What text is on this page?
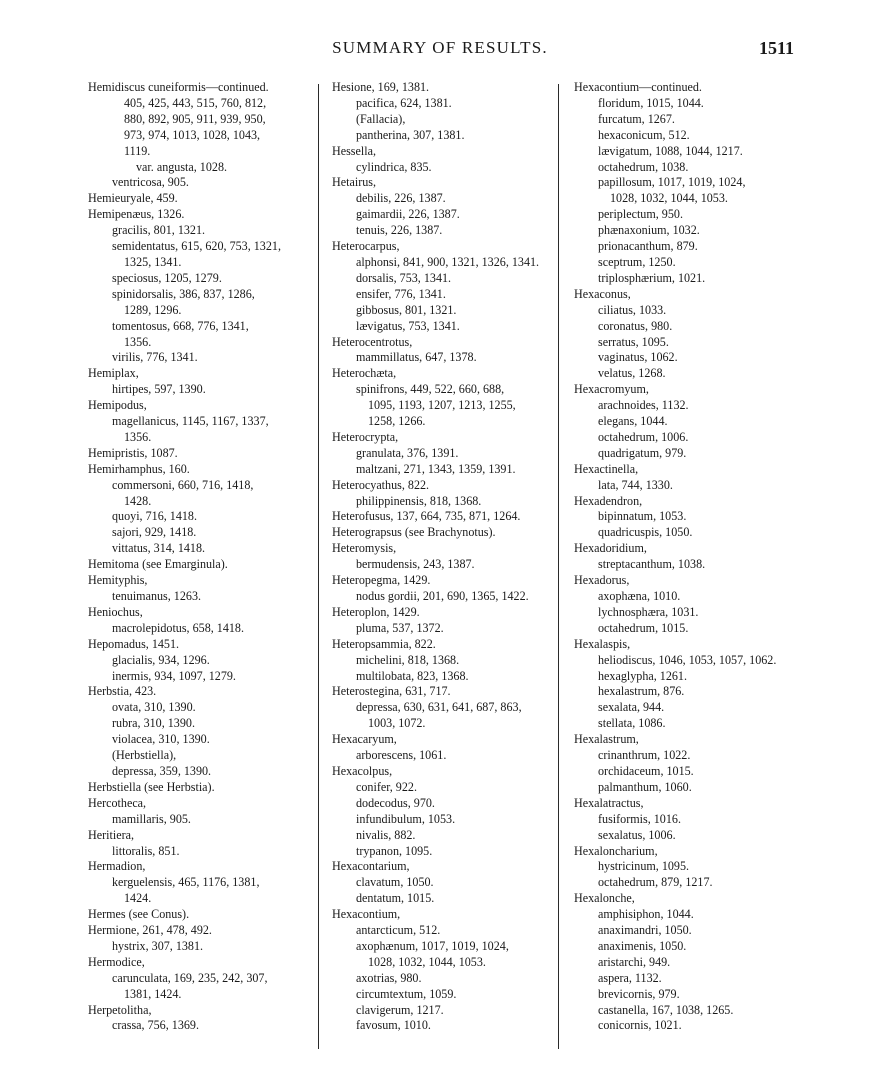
SUMMARY OF RESULTS.	1511
Hemidiscus cuneiformis—continued.
405, 425, 443, 515, 760, 812,
880, 892, 905, 911, 939, 950,
973, 974, 1013, 1028, 1043,
1119.
var. angusta, 1028.
ventricosa, 905.
Hemieuryale, 459.
Hemipenæus, 1326.
gracilis, 801, 1321.
semidentatus, 615, 620, 753, 1321,
1325, 1341.
speciosus, 1205, 1279.
spinidorsalis, 386, 837, 1286,
1289, 1296.
tomentosus, 668, 776, 1341,
1356.
virilis, 776, 1341.
Hemiplax,
hirtipes, 597, 1390.
Hemipodus,
magellanicus, 1145, 1167, 1337,
1356.
Hemipristis, 1087.
Hemirhamphus, 160.
commersoni, 660, 716, 1418,
1428.
quoyi, 716, 1418.
sajori, 929, 1418.
vittatus, 314, 1418.
Hemitoma (see Emarginula).
Hemityphis,
tenuimanus, 1263.
Heniochus,
macrolepidotus, 658, 1418.
Hepomadus, 1451.
glacialis, 934, 1296.
inermis, 934, 1097, 1279.
Herbstia, 423.
ovata, 310, 1390.
rubra, 310, 1390.
violacea, 310, 1390.
(Herbstiella),
depressa, 359, 1390.
Herbstiella (see Herbstia).
Hercotheca,
mamillaris, 905.
Heritiera,
littoralis, 851.
Hermadion,
kerguelensis, 465, 1176, 1381,
1424.
Hermes (see Conus).
Hermione, 261, 478, 492.
hystrix, 307, 1381.
Hermodice,
carunculata, 169, 235, 242, 307,
1381, 1424.
Herpetolitha,
crassa, 756, 1369.
Hesione, 169, 1381.
pacifica, 624, 1381.
(Fallacia),
pantherina, 307, 1381.
Hessella,
cylindrica, 835.
Hetairus,
debilis, 226, 1387.
gaimardii, 226, 1387.
tenuis, 226, 1387.
Heterocarpus,
alphonsi, 841, 900, 1321, 1326, 1341.
dorsalis, 753, 1341.
ensifer, 776, 1341.
gibbosus, 801, 1321.
lævigatus, 753, 1341.
Heterocentrotus,
mammillatus, 647, 1378.
Heterochæta,
spinifrons, 449, 522, 660, 688,
1095, 1193, 1207, 1213, 1255,
1258, 1266.
Heterocrypta,
granulata, 376, 1391.
maltzani, 271, 1343, 1359, 1391.
Heterocyathus, 822.
philippinensis, 818, 1368.
Heterofusus, 137, 664, 735, 871, 1264.
Heterograpsus (see Brachynotus).
Heteromysis,
bermudensis, 243, 1387.
Heteropegma, 1429.
nodus gordii, 201, 690, 1365, 1422.
Heteroplon, 1429.
pluma, 537, 1372.
Heteropsammia, 822.
michelini, 818, 1368.
multilobata, 823, 1368.
Heterostegina, 631, 717.
depressa, 630, 631, 641, 687, 863,
1003, 1072.
Hexacaryum,
arborescens, 1061.
Hexacolpus,
conifer, 922.
dodecodus, 970.
infundibulum, 1053.
nivalis, 882.
trypanon, 1095.
Hexacontarium,
clavatum, 1050.
dentatum, 1015.
Hexacontium,
antarcticum, 512.
axophænum, 1017, 1019, 1024,
1028, 1032, 1044, 1053.
axotrias, 980.
circumtextum, 1059.
clavigerum, 1217.
favosum, 1010.
Hexacontium—continued.
floridum, 1015, 1044.
furcatum, 1267.
hexaconicum, 512.
lævigatum, 1088, 1044, 1217.
octahedrum, 1038.
papillosum, 1017, 1019, 1024,
1028, 1032, 1044, 1053.
periplectum, 950.
phænaxonium, 1032.
prionacanthum, 879.
sceptrum, 1250.
triplosphærium, 1021.
Hexaconus,
ciliatus, 1033.
coronatus, 980.
serratus, 1095.
vaginatus, 1062.
velatus, 1268.
Hexacromyum,
arachnoides, 1132.
elegans, 1044.
octahedrum, 1006.
quadrigatum, 979.
Hexactinella,
lata, 744, 1330.
Hexadendron,
bipinnatum, 1053.
quadricuspis, 1050.
Hexadoridium,
streptacanthum, 1038.
Hexadorus,
axophæna, 1010.
lychnosphæra, 1031.
octahedrum, 1015.
Hexalaspis,
heliodiscus, 1046, 1053, 1057, 1062.
hexaglypha, 1261.
hexalastrum, 876.
sexalata, 944.
stellata, 1086.
Hexalastrum,
crinanthrum, 1022.
orchidaceum, 1015.
palmanthum, 1060.
Hexalatractus,
fusiformis, 1016.
sexalatus, 1006.
Hexaloncharium,
hystricinum, 1095.
octahedrum, 879, 1217.
Hexalonche,
amphisiphon, 1044.
anaximandri, 1050.
anaximenis, 1050.
aristarchi, 949.
aspera, 1132.
brevicornis, 979.
castanella, 167, 1038, 1265.
conicornis, 1021.
